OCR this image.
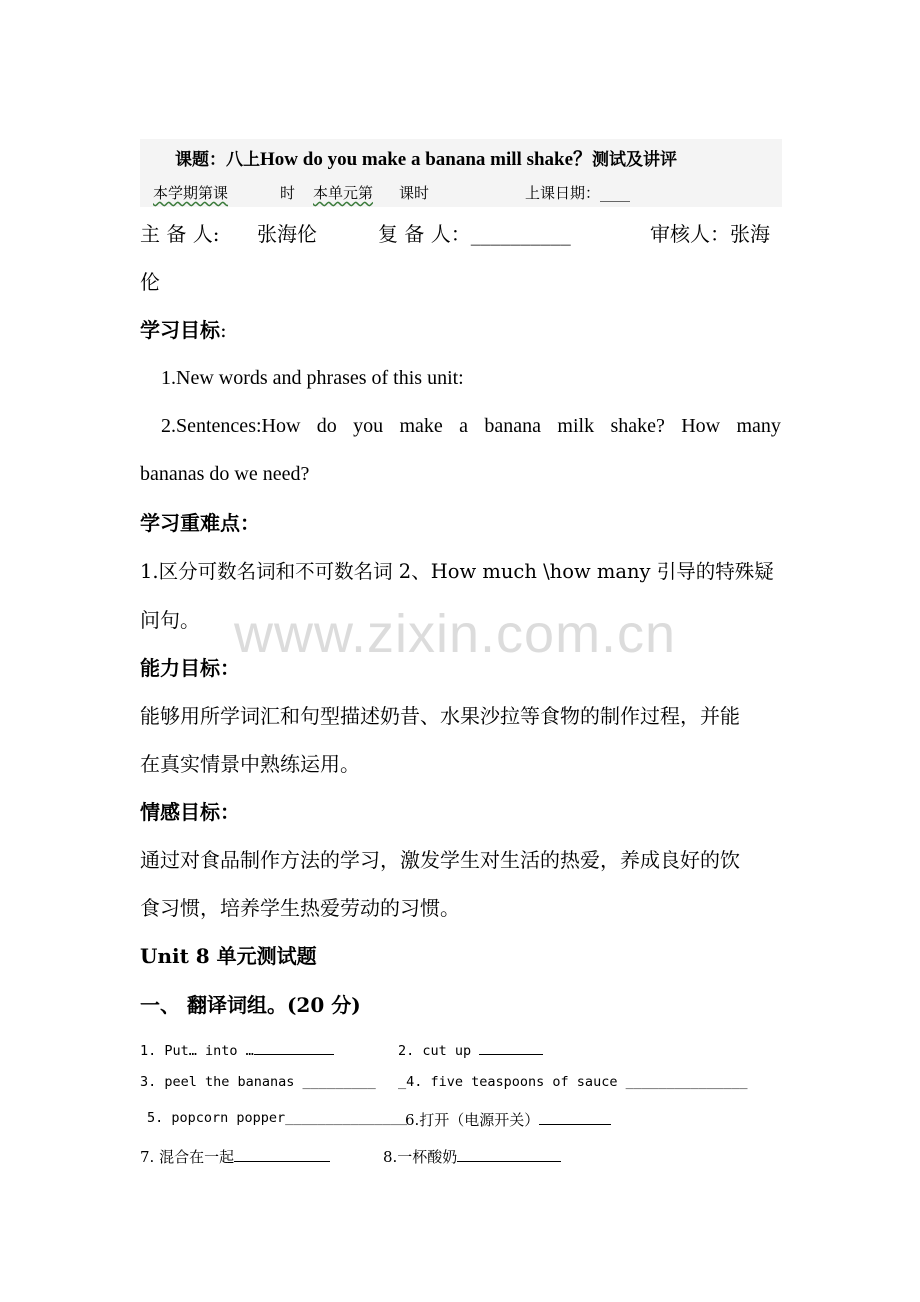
课题：八上How do you make a banana mill shake？测试及讲评
本学期第课	时 本单元第 课时	上课日期：____
主 备 人: 张海伦	复 备 人：__________	审核人：张海
伦
学习目标:
1.New words and phrases of this unit:
2.Sentences:How do you make a banana milk shake? How many
bananas do we need?
学习重难点：
1.区分可数名词和不可数名词 2、How much \how many 引导的特殊疑
问句。 www.zixin.com.cn
能力目标：
能够用所学词汇和句型描述奶昔、水果沙拉等食物的制作过程，并能
在真实情景中熟练运用。
情感目标：
通过对食品制作方法的学习，激发学生对生活的热爱，养成良好的饮
食习惯，培养学生热爱劳动的习惯。
Unit 8 单元测试题
一、 翻译词组。(20 分)
1. Put… into …	2. cut up
3. peel the bananas _________ _4. five teaspoons of sauce _______________
5. popcorn popper_______________
6.打开（电源开关）
7. 混合在一起	8.一杯酸奶
